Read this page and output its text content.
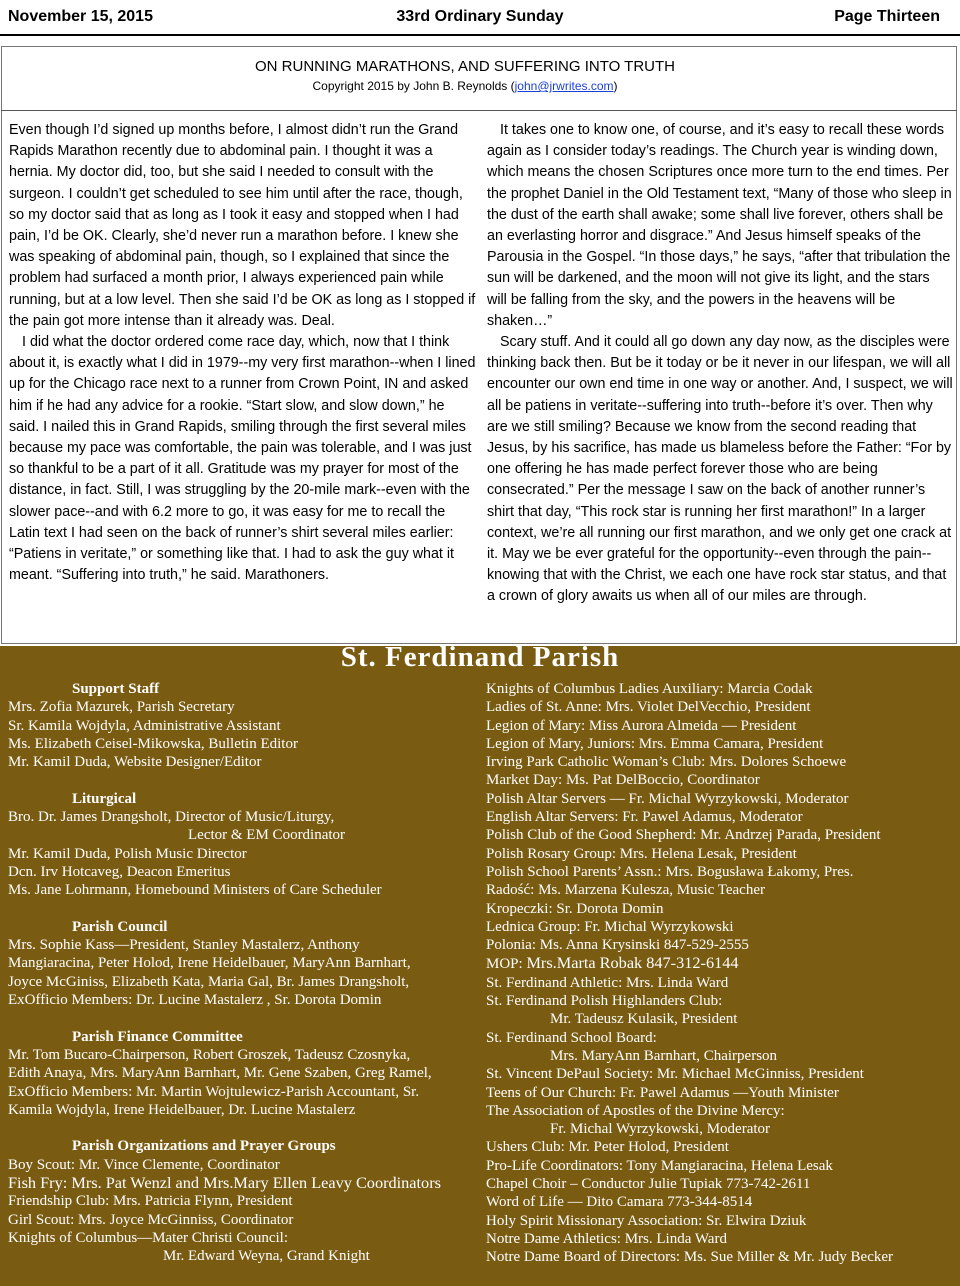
November 15, 2015	33rd Ordinary Sunday	Page Thirteen
ON RUNNING MARATHONS, AND SUFFERING INTO TRUTH
Copyright 2015 by John B. Reynolds (john@jrwrites.com)

Even though I’d signed up months before, I almost didn’t run the Grand Rapids Marathon recently due to abdominal pain. I thought it was a hernia. My doctor did, too, but she said I needed to consult with the surgeon. I couldn’t get scheduled to see him until after the race, though, so my doctor said that as long as I took it easy and stopped when I had pain, I’d be OK. Clearly, she’d never run a marathon before. I knew she was speaking of abdominal pain, though, so I explained that since the problem had surfaced a month prior, I always experienced pain while running, but at a low level. Then she said I’d be OK as long as I stopped if the pain got more intense than it already was. Deal.

I did what the doctor ordered come race day, which, now that I think about it, is exactly what I did in 1979--my very first marathon--when I lined up for the Chicago race next to a runner from Crown Point, IN and asked him if he had any advice for a rookie. “Start slow, and slow down,” he said. I nailed this in Grand Rapids, smiling through the first several miles because my pace was comfortable, the pain was tolerable, and I was just so thankful to be a part of it all. Gratitude was my prayer for most of the distance, in fact. Still, I was struggling by the 20-mile mark--even with the slower pace--and with 6.2 more to go, it was easy for me to recall the Latin text I had seen on the back of runner’s shirt several miles earlier: “Patiens in veritate,” or something like that. I had to ask the guy what it meant. “Suffering into truth,” he said. Marathoners.

It takes one to know one, of course, and it’s easy to recall these words again as I consider today’s readings. The Church year is winding down, which means the chosen Scriptures once more turn to the end times. Per the prophet Daniel in the Old Testament text, “Many of those who sleep in the dust of the earth shall awake; some shall live forever, others shall be an everlasting horror and disgrace.” And Jesus himself speaks of the Parousia in the Gospel. “In those days,” he says, “after that tribulation the sun will be darkened, and the moon will not give its light, and the stars will be falling from the sky, and the powers in the heavens will be shaken…”

Scary stuff. And it could all go down any day now, as the disciples were thinking back then. But be it today or be it never in our lifespan, we will all encounter our own end time in one way or another. And, I suspect, we will all be patiens in veritate--suffering into truth--before it’s over. Then why are we still smiling? Because we know from the second reading that Jesus, by his sacrifice, has made us blameless before the Father: “For by one offering he has made perfect forever those who are being consecrated.” Per the message I saw on the back of another runner’s shirt that day, “This rock star is running her first marathon!” In a larger context, we’re all running our first marathon, and we only get one crack at it. May we be ever grateful for the opportunity--even through the pain--knowing that with the Christ, we each one have rock star status, and that a crown of glory awaits us when all of our miles are through.

St. Ferdinand Parish
Support Staff
Mrs. Zofia Mazurek, Parish Secretary
Sr. Kamila Wojdyla, Administrative Assistant
Ms. Elizabeth Ceisel-Mikowska, Bulletin Editor
Mr. Kamil Duda, Website Designer/Editor
Liturgical
Bro. Dr. James Drangsholt, Director of Music/Liturgy,
Lector & EM Coordinator
Mr. Kamil Duda, Polish Music Director
Dcn. Irv Hotcaveg, Deacon Emeritus
Ms. Jane Lohrmann, Homebound Ministers of Care Scheduler
Parish Council
Mrs. Sophie Kass—President, Stanley Mastalerz, Anthony
Mangiaracina, Peter Holod, Irene Heidelbauer, MaryAnn Barnhart,
Joyce McGiniss, Elizabeth Kata, Maria Gal, Br. James Drangsholt,
ExOfficio Members: Dr. Lucine Mastalerz , Sr. Dorota Domin
Parish Finance Committee
Mr. Tom Bucaro-Chairperson, Robert Groszek, Tadeusz Czosnyka,
Edith Anaya, Mrs. MaryAnn Barnhart, Mr. Gene Szaben, Greg Ramel,
ExOfficio Members: Mr. Martin Wojtulewicz-Parish Accountant, Sr.
Kamila Wojdyla, Irene Heidelbauer, Dr. Lucine Mastalerz
Parish Organizations and Prayer Groups
Boy Scout: Mr. Vince Clemente, Coordinator
Fish Fry: Mrs. Pat Wenzl and Mrs.Mary Ellen Leavy Coordinators
Friendship Club: Mrs. Patricia Flynn, President
Girl Scout: Mrs. Joyce McGinniss, Coordinator
Knights of Columbus—Mater Christi Council:
Mr. Edward Weyna, Grand Knight
Knights of Columbus Ladies Auxiliary: Marcia Codak
Ladies of St. Anne: Mrs. Violet DelVecchio, President
Legion of Mary: Miss Aurora Almeida — President
Legion of Mary, Juniors: Mrs. Emma Camara, President
Irving Park Catholic Woman’s Club: Mrs. Dolores Schoewe
Market Day: Ms. Pat DelBoccio, Coordinator
Polish Altar Servers — Fr. Michal Wyrzykowski, Moderator
English Altar Servers: Fr. Pawel Adamus, Moderator
Polish Club of the Good Shepherd: Mr. Andrzej Parada, President
Polish Rosary Group: Mrs. Helena Lesak, President
Polish School Parents’ Assn.: Mrs. Bogusława Łakomy, Pres.
Radość: Ms. Marzena Kulesza, Music Teacher
Kropeczki: Sr. Dorota Domin
Lednica Group: Fr. Michal Wyrzykowski
Polonia: Ms. Anna Krysinski 847-529-2555
MOP: Mrs.Marta Robak 847-312-6144
St. Ferdinand Athletic: Mrs. Linda Ward
St. Ferdinand Polish Highlanders Club:
Mr. Tadeusz Kulasik, President
St. Ferdinand School Board:
Mrs. MaryAnn Barnhart, Chairperson
St. Vincent DePaul Society: Mr. Michael McGinniss, President
Teens of Our Church: Fr. Pawel Adamus —Youth Minister
The Association of Apostles of the Divine Mercy:
Fr. Michal Wyrzykowski, Moderator
Ushers Club: Mr. Peter Holod, President
Pro-Life Coordinators: Tony Mangiaracina, Helena Lesak
Chapel Choir – Conductor Julie Tupiak 773-742-2611
Word of Life — Dito Camara 773-344-8514
Holy Spirit Missionary Association: Sr. Elwira Dziuk
Notre Dame Athletics: Mrs. Linda Ward
Notre Dame Board of Directors: Ms. Sue Miller & Mr. Judy Becker
